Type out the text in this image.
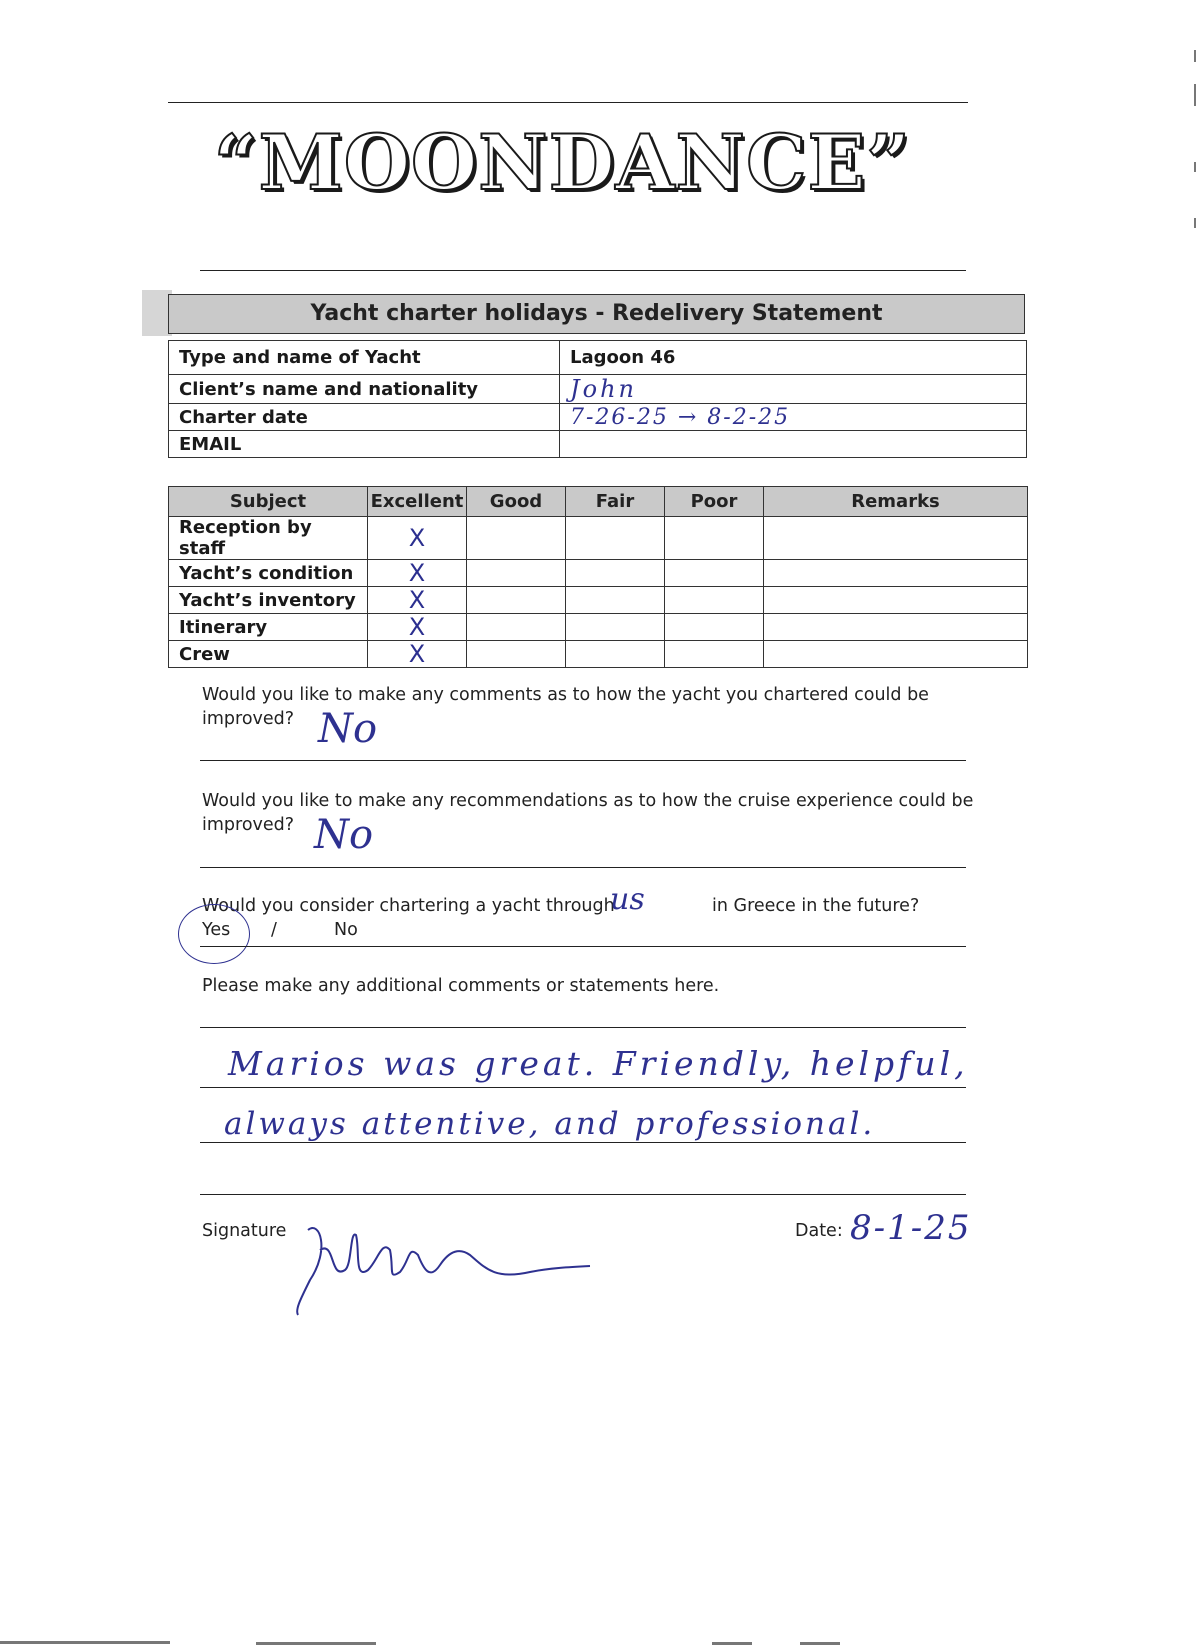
“MOONDANCE”
Yacht charter holidays - Redelivery Statement
Type and name of Yacht	Lagoon 46
Client’s name and nationality	John
Charter date	7-26-25 → 8-2-25
EMAIL	
Subject	Excellent	Good	Fair	Poor	Remarks
Reception by staff	X				
Yacht’s condition	X				
Yacht’s inventory	X				
Itinerary	X				
Crew	X				
Would you like to make any comments as to how the yacht you chartered could be
improved? No
Would you like to make any recommendations as to how the cruise experience could be
improved? No
Would you consider chartering a yacht through
us	in Greece in the future?
Yes /	No
Please make any additional comments or statements here.
Marios was great. Friendly, helpful,
always attentive, and professional.
Signature	Date: 8-1-25
